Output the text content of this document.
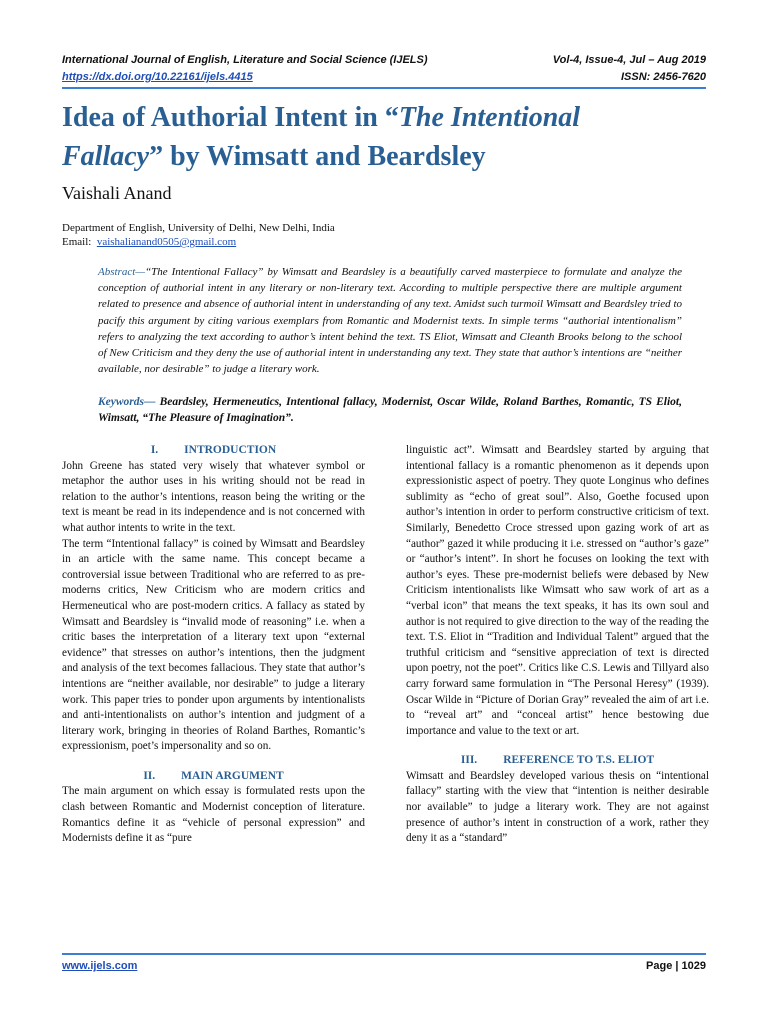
International Journal of English, Literature and Social Science (IJELS)	Vol-4, Issue-4, Jul – Aug 2019
https://dx.doi.org/10.22161/ijels.4415	ISSN: 2456-7620
Idea of Authorial Intent in “The Intentional
Fallacy” by Wimsatt and Beardsley
Vaishali Anand
Department of English, University of Delhi, New Delhi, India
Email: vaishalianand0505@gmail.com
Abstract—“The Intentional Fallacy” by Wimsatt and Beardsley is a beautifully carved masterpiece to formulate and analyze the conception of authorial intent in any literary or non-literary text. According to multiple perspective there are multiple argument related to presence and absence of authorial intent in understanding of any text. Amidst such turmoil Wimsatt and Beardsley tried to pacify this argument by citing various exemplars from Romantic and Modernist texts. In simple terms “authorial intentionalism” refers to analyzing the text according to author’s intent behind the text. TS Eliot, Wimsatt and Cleanth Brooks belong to the school of New Criticism and they deny the use of authorial intent in understanding any text. They state that author’s intentions are “neither available, nor desirable” to judge a literary work.
Keywords— Beardsley, Hermeneutics, Intentional fallacy, Modernist, Oscar Wilde, Roland Barthes, Romantic, TS Eliot, Wimsatt, “The Pleasure of Imagination”.
I. INTRODUCTION

John Greene has stated very wisely that whatever symbol or metaphor the author uses in his writing should not be read in relation to the author’s intentions, reason being the writing or the text is meant be read in its independence and is not concerned with what author intents to write in the text.

The term “Intentional fallacy” is coined by Wimsatt and Beardsley in an article with the same name. This concept became a controversial issue between Traditional who are referred to as pre-moderns critics, New Criticism who are modern critics and Hermeneutical who are post-modern critics. A fallacy as stated by Wimsatt and Beardsley is “invalid mode of reasoning” i.e. when a critic bases the interpretation of a literary text upon “external evidence” that stresses on author’s intentions, then the judgment and analysis of the text becomes fallacious. They state that author’s intentions are “neither available, nor desirable” to judge a literary work. This paper tries to ponder upon arguments by intentionalists and anti-intentionalists on author’s intention and judgment of a literary work, bringing in theories of Roland Barthes, Romantic’s expressionism, poet’s impersonality and so on.

II. MAIN ARGUMENT

The main argument on which essay is formulated rests upon the clash between Romantic and Modernist conception of literature. Romantics define it as “vehicle of personal expression” and Modernists define it as “pure

linguistic act”. Wimsatt and Beardsley started by arguing that intentional fallacy is a romantic phenomenon as it depends upon expressionistic aspect of poetry. They quote Longinus who defines sublimity as “echo of great soul”. Also, Goethe focused upon author’s intention in order to perform constructive criticism of text. Similarly, Benedetto Croce stressed upon gazing work of art as “author” gazed it while producing it i.e. stressed on “author’s gaze” or “author’s intent”. In short he focuses on looking the text with author’s eyes. These pre-modernist beliefs were debased by New Criticism intentionalists like Wimsatt who saw work of art as a “verbal icon” that means the text speaks, it has its own soul and author is not required to give direction to the way of the reading the text. T.S. Eliot in “Tradition and Individual Talent” argued that the truthful criticism and “sensitive appreciation of text is directed upon poetry, not the poet”. Critics like C.S. Lewis and Tillyard also carry forward same formulation in “The Personal Heresy” (1939). Oscar Wilde in “Picture of Dorian Gray” revealed the aim of art i.e. to “reveal art” and “conceal artist” hence bestowing due importance and value to the text or art.

III. REFERENCE TO T.S. ELIOT

Wimsatt and Beardsley developed various thesis on “intentional fallacy” starting with the view that “intention is neither desirable nor available” to judge a literary work. They are not against presence of author’s intent in construction of a work, rather they deny it as a “standard”

www.ijels.com	Page | 1029
